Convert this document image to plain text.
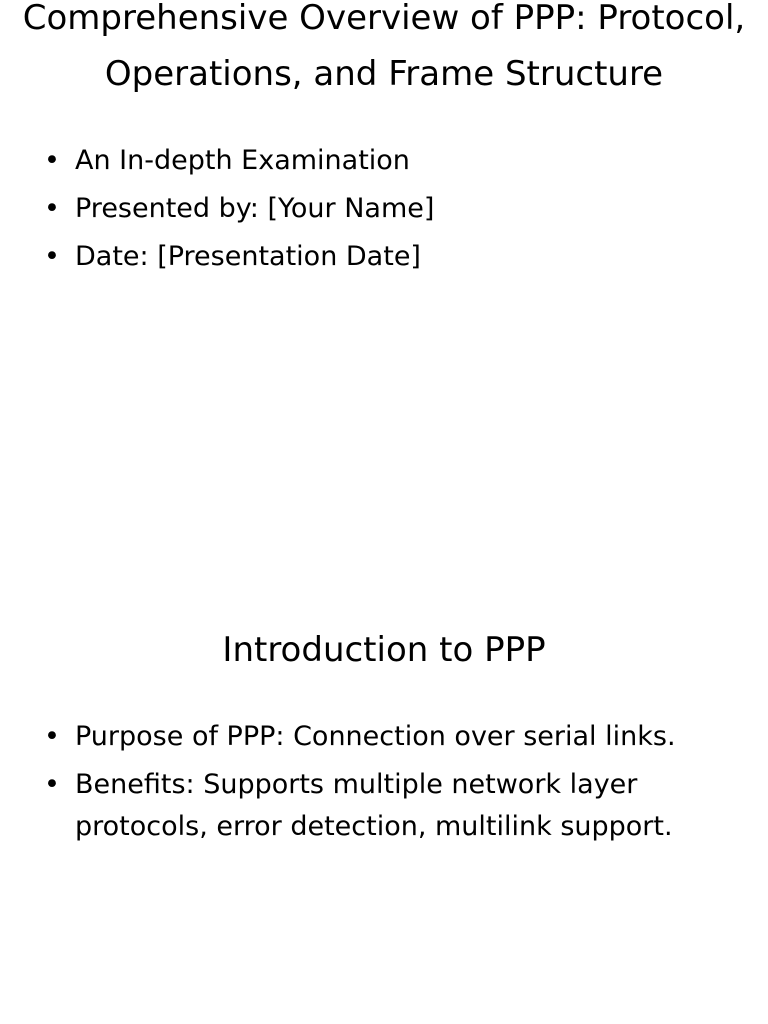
Comprehensive Overview of PPP: Protocol, Operations, and Frame Structure
• An In-depth Examination
• Presented by: [Your Name]
• Date: [Presentation Date]
Introduction to PPP
• Purpose of PPP: Connection over serial links.
• Benefits: Supports multiple network layer protocols, error detection, multilink support.
